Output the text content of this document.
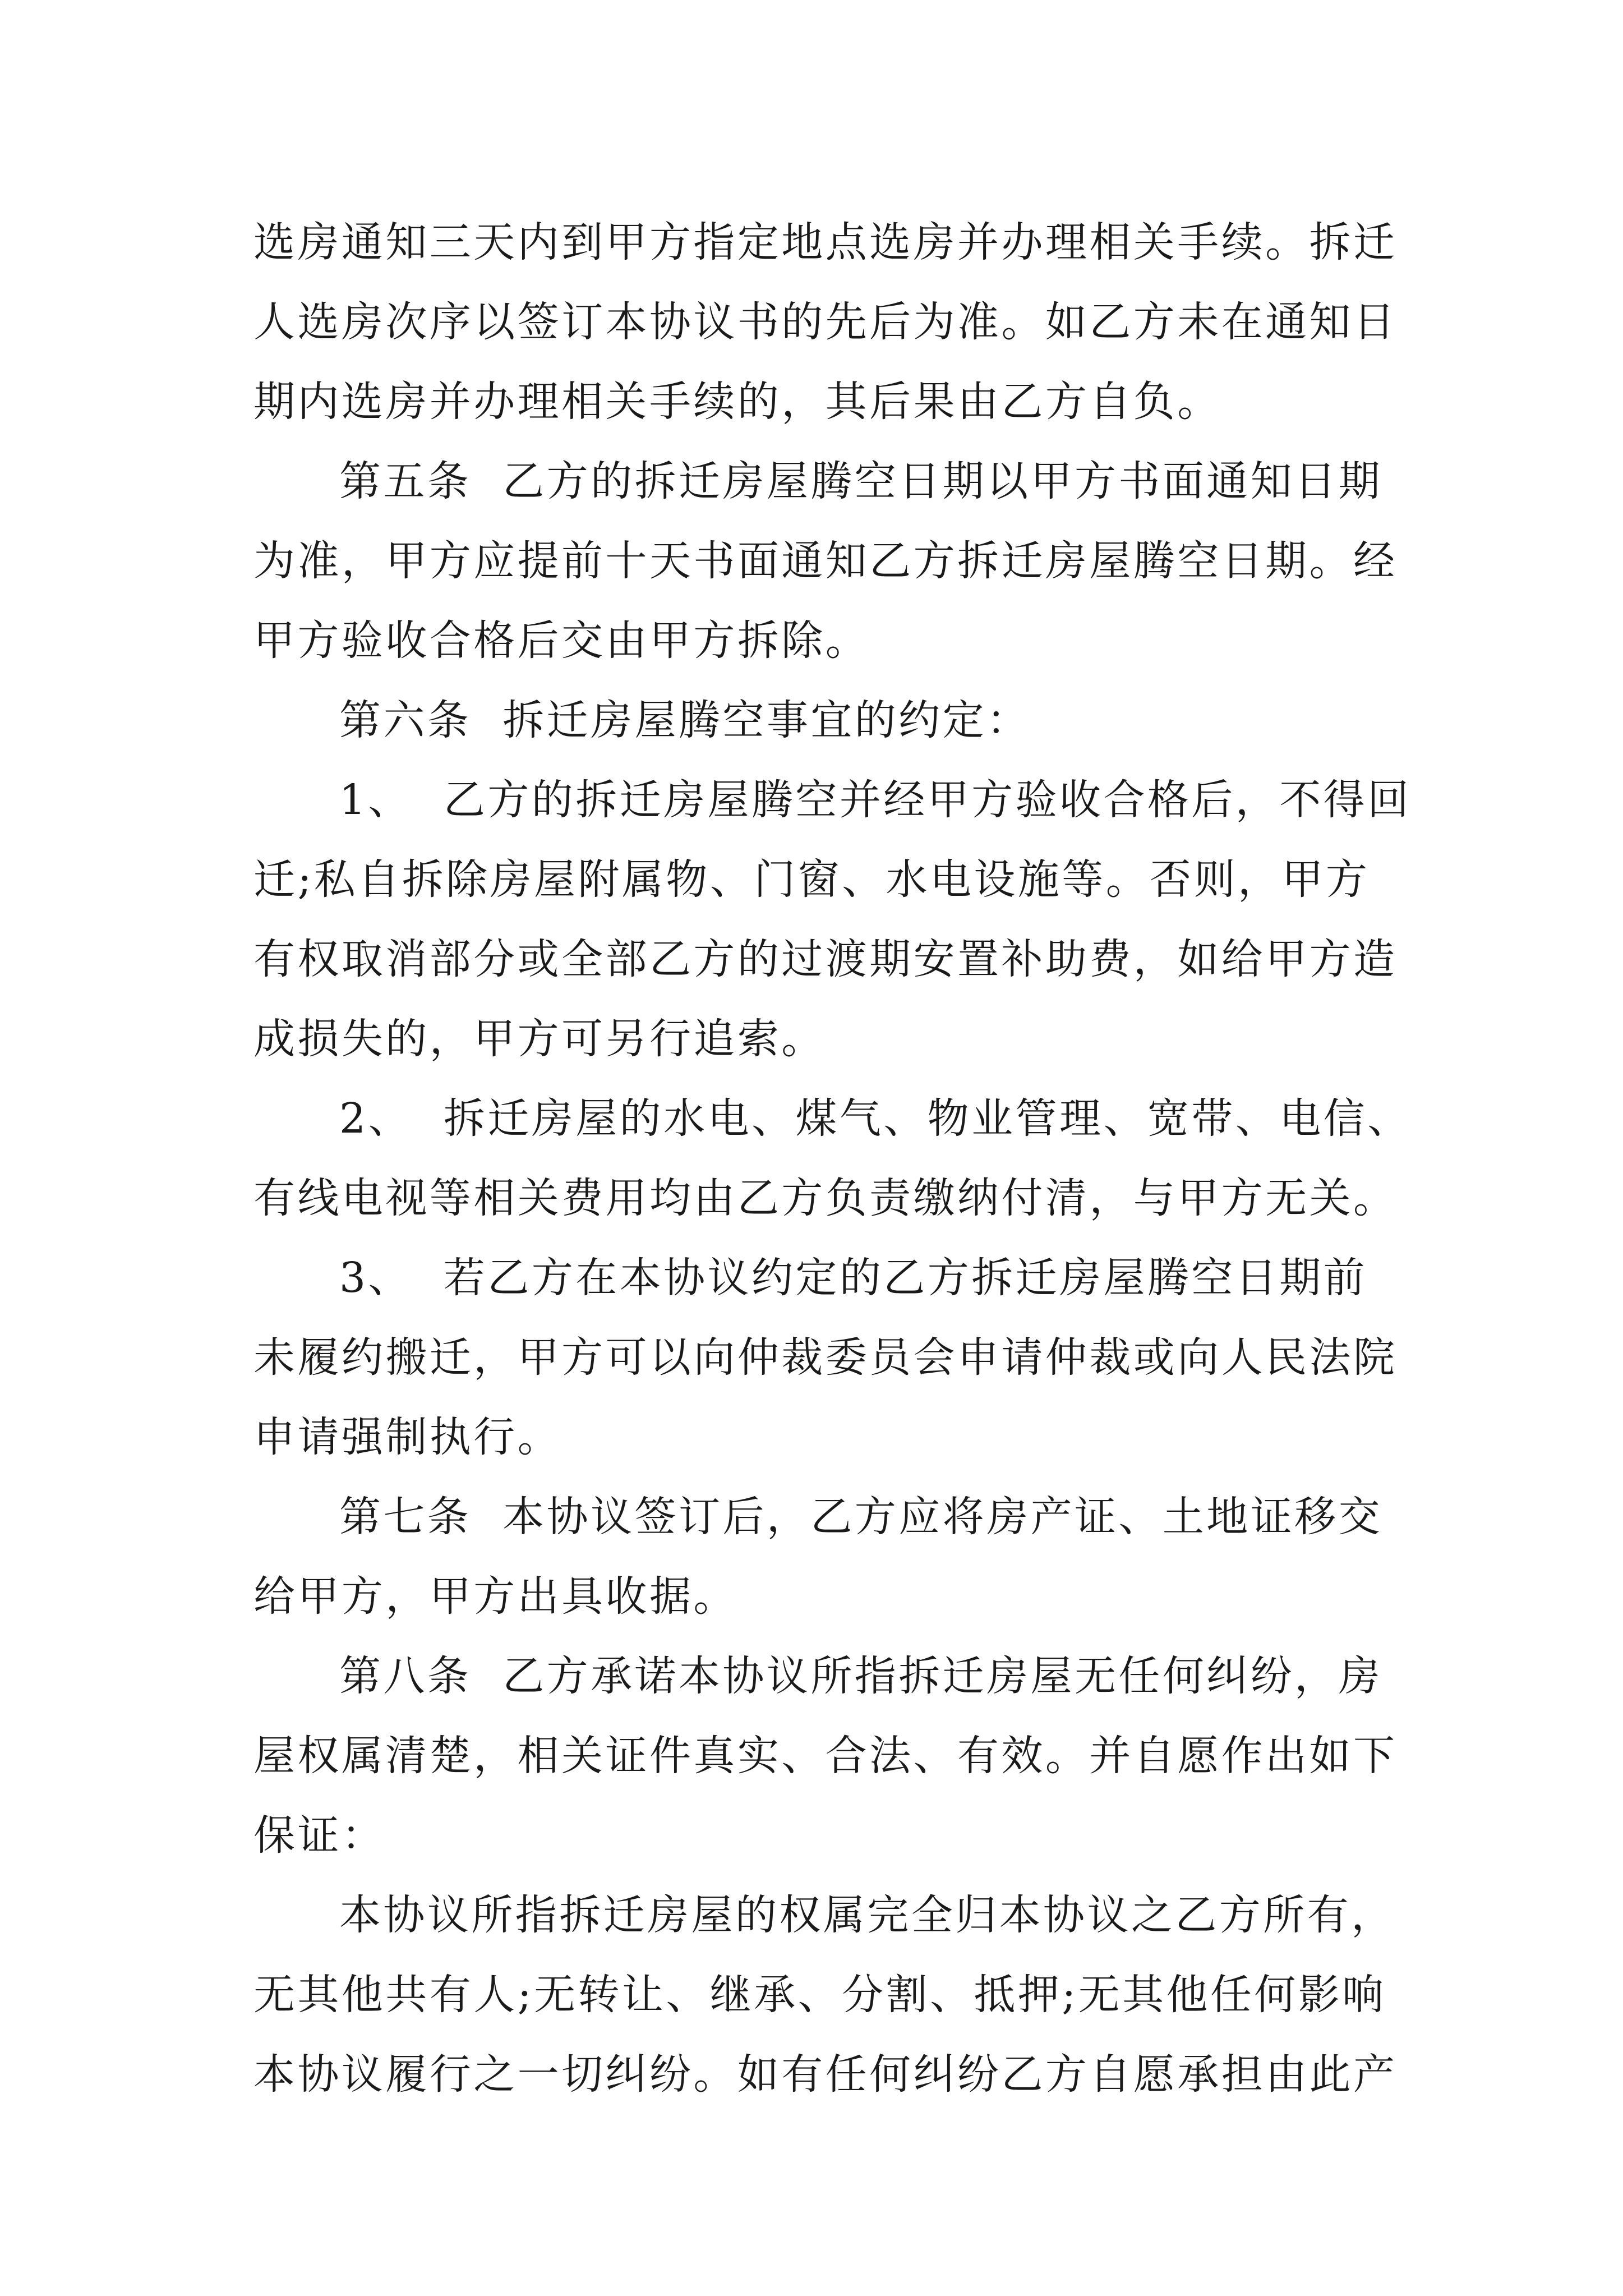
选房通知三天内到甲方指定地点选房并办理相关手续。拆迁
人选房次序以签订本协议书的先后为准。如乙方未在通知日
期内选房并办理相关手续的，其后果由乙方自负。
第五条  乙方的拆迁房屋腾空日期以甲方书面通知日期
为准，甲方应提前十天书面通知乙方拆迁房屋腾空日期。经
甲方验收合格后交由甲方拆除。
第六条  拆迁房屋腾空事宜的约定：
1、  乙方的拆迁房屋腾空并经甲方验收合格后，不得回
迁;私自拆除房屋附属物、门窗、水电设施等。否则，甲方
有权取消部分或全部乙方的过渡期安置补助费，如给甲方造
成损失的，甲方可另行追索。
2、  拆迁房屋的水电、煤气、物业管理、宽带、电信、
有线电视等相关费用均由乙方负责缴纳付清，与甲方无关。
3、  若乙方在本协议约定的乙方拆迁房屋腾空日期前
未履约搬迁，甲方可以向仲裁委员会申请仲裁或向人民法院
申请强制执行。
第七条  本协议签订后，乙方应将房产证、土地证移交
给甲方，甲方出具收据。
第八条  乙方承诺本协议所指拆迁房屋无任何纠纷，房
屋权属清楚，相关证件真实、合法、有效。并自愿作出如下
保证：
本协议所指拆迁房屋的权属完全归本协议之乙方所有，
无其他共有人;无转让、继承、分割、抵押;无其他任何影响
本协议履行之一切纠纷。如有任何纠纷乙方自愿承担由此产
